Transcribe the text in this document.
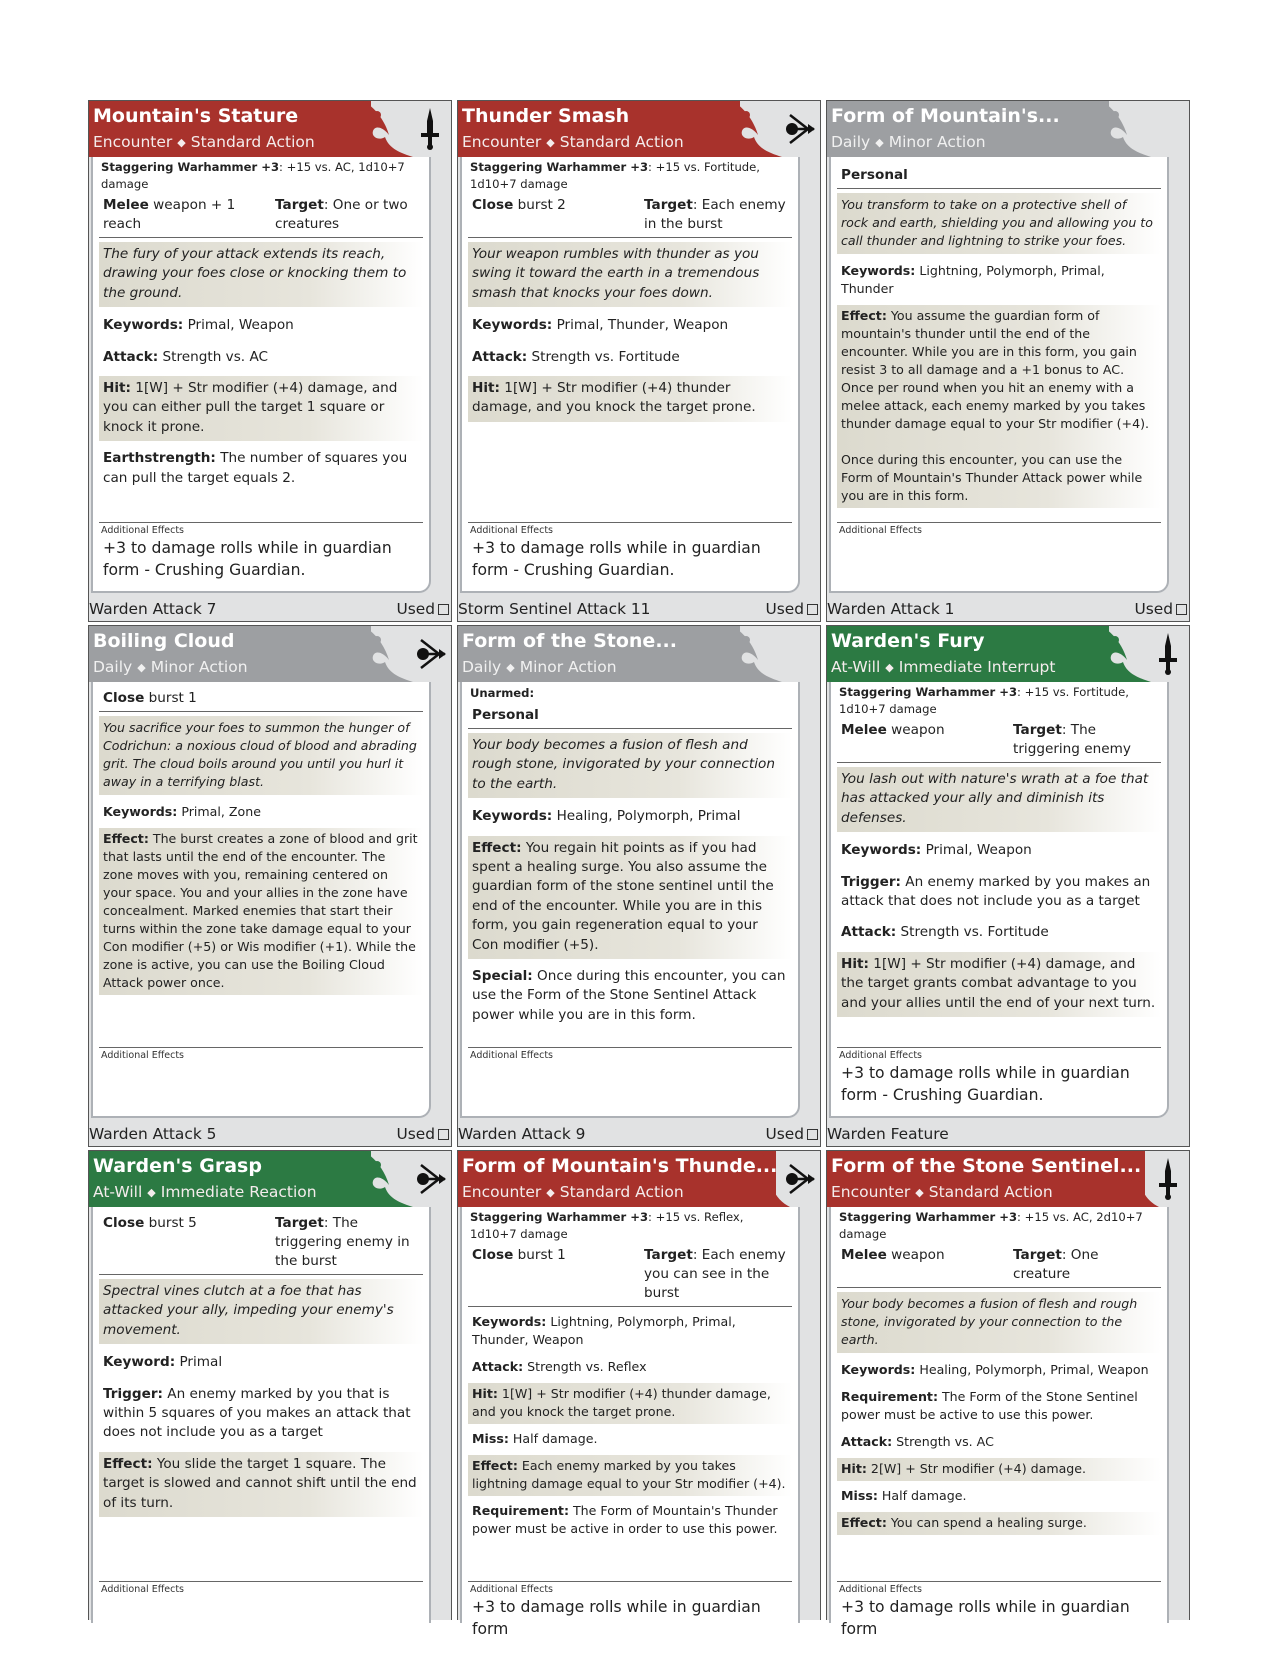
Mountain's Stature
Encounter ◆ Standard Action
Staggering Warhammer +3: +15 vs. AC, 1d10+7 damage
Melee weapon + 1 reach
Target: One or two creatures
The fury of your attack extends its reach, drawing your foes close or knocking them to the ground.
Keywords: Primal, Weapon
Attack: Strength vs. AC
Hit: 1[W] + Str modifier (+4) damage, and you can either pull the target 1 square or knock it prone.
Earthstrength: The number of squares you can pull the target equals 2.
Additional Effects
+3 to damage rolls while in guardian form - Crushing Guardian.
Warden Attack 7	Used
Thunder Smash
Encounter ◆ Standard Action
Staggering Warhammer +3: +15 vs. Fortitude, 1d10+7 damage
Close burst 2	Target: Each enemy in the burst
Your weapon rumbles with thunder as you swing it toward the earth in a tremendous smash that knocks your foes down.
Keywords: Primal, Thunder, Weapon
Attack: Strength vs. Fortitude
Hit: 1[W] + Str modifier (+4) thunder damage, and you knock the target prone.
Additional Effects
+3 to damage rolls while in guardian form - Crushing Guardian.
Storm Sentinel Attack 11	Used
Form of Mountain's...
Daily ◆ Minor Action
Personal
You transform to take on a protective shell of rock and earth, shielding you and allowing you to call thunder and lightning to strike your foes.
Keywords: Lightning, Polymorph, Primal, Thunder
Effect: You assume the guardian form of mountain's thunder until the end of the encounter. While you are in this form, you gain resist 3 to all damage and a +1 bonus to AC. Once per round when you hit an enemy with a melee attack, each enemy marked by you takes thunder damage equal to your Str modifier (+4).

Once during this encounter, you can use the Form of Mountain's Thunder Attack power while you are in this form.
Additional Effects
Warden Attack 1	Used
Boiling Cloud
Daily ◆ Minor Action
Close burst 1
You sacrifice your foes to summon the hunger of Codrichun: a noxious cloud of blood and abrading grit. The cloud boils around you until you hurl it away in a terrifying blast.
Keywords: Primal, Zone
Effect: The burst creates a zone of blood and grit that lasts until the end of the encounter. The zone moves with you, remaining centered on your space. You and your allies in the zone have concealment. Marked enemies that start their turns within the zone take damage equal to your Con modifier (+5) or Wis modifier (+1). While the zone is active, you can use the Boiling Cloud Attack power once.
Additional Effects
Warden Attack 5	Used
Form of the Stone...
Daily ◆ Minor Action
Unarmed:
Personal
Your body becomes a fusion of flesh and rough stone, invigorated by your connection to the earth.
Keywords: Healing, Polymorph, Primal
Effect: You regain hit points as if you had spent a healing surge. You also assume the guardian form of the stone sentinel until the end of the encounter. While you are in this form, you gain regeneration equal to your Con modifier (+5).
Special: Once during this encounter, you can use the Form of the Stone Sentinel Attack power while you are in this form.
Additional Effects
Warden Attack 9	Used
Warden's Fury
At-Will ◆ Immediate Interrupt
Staggering Warhammer +3: +15 vs. Fortitude, 1d10+7 damage
Melee weapon	Target: The triggering enemy
You lash out with nature's wrath at a foe that has attacked your ally and diminish its defenses.
Keywords: Primal, Weapon
Trigger: An enemy marked by you makes an attack that does not include you as a target
Attack: Strength vs. Fortitude
Hit: 1[W] + Str modifier (+4) damage, and the target grants combat advantage to you and your allies until the end of your next turn.
Additional Effects
+3 to damage rolls while in guardian form - Crushing Guardian.
Warden Feature
Warden's Grasp
At-Will ◆ Immediate Reaction
Close burst 5	Target: The triggering enemy in the burst
Spectral vines clutch at a foe that has attacked your ally, impeding your enemy's movement.
Keyword: Primal
Trigger: An enemy marked by you that is within 5 squares of you makes an attack that does not include you as a target
Effect: You slide the target 1 square. The target is slowed and cannot shift until the end of its turn.
Additional Effects
Form of Mountain's Thunde...
Encounter ◆ Standard Action
Staggering Warhammer +3: +15 vs. Reflex, 1d10+7 damage
Close burst 1	Target: Each enemy you can see in the burst
Keywords: Lightning, Polymorph, Primal, Thunder, Weapon
Attack: Strength vs. Reflex
Hit: 1[W] + Str modifier (+4) thunder damage, and you knock the target prone.
Miss: Half damage.
Effect: Each enemy marked by you takes lightning damage equal to your Str modifier (+4).
Requirement: The Form of Mountain's Thunder power must be active in order to use this power.
Additional Effects
+3 to damage rolls while in guardian form
Form of the Stone Sentinel...
Encounter ◆ Standard Action
Staggering Warhammer +3: +15 vs. AC, 2d10+7 damage
Melee weapon	Target: One creature
Your body becomes a fusion of flesh and rough stone, invigorated by your connection to the earth.
Keywords: Healing, Polymorph, Primal, Weapon
Requirement: The Form of the Stone Sentinel power must be active to use this power.
Attack: Strength vs. AC
Hit: 2[W] + Str modifier (+4) damage.
Miss: Half damage.
Effect: You can spend a healing surge.
Additional Effects
+3 to damage rolls while in guardian form
